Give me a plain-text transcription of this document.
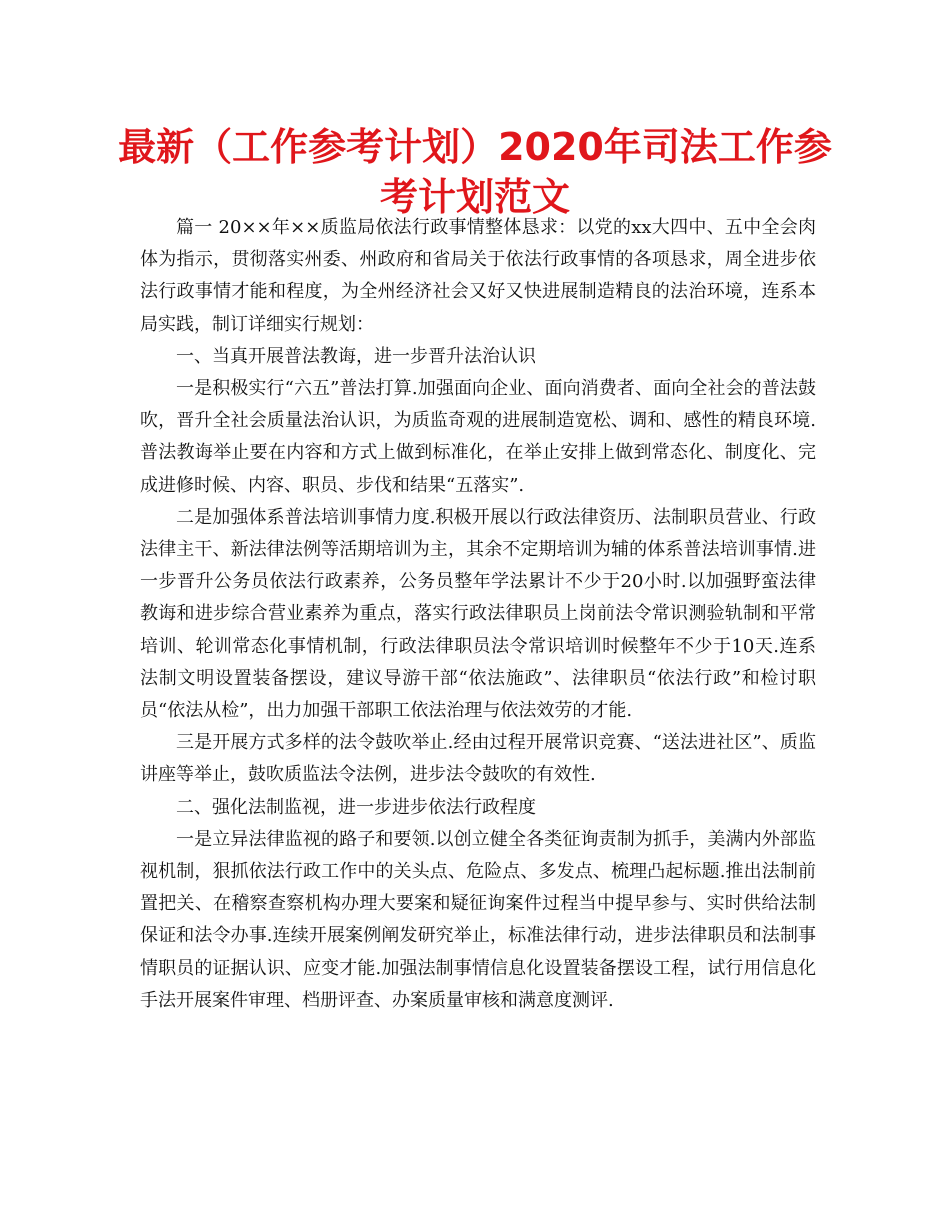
最新（工作参考计划）2020年司法工作参
考计划范文

篇一 20××年××质监局依法行政事情整体恳求：以党的xx大四中、五中全会肉体为指示，贯彻落实州委、州政府和省局关于依法行政事情的各项恳求，周全进步依法行政事情才能和程度，为全州经济社会又好又快进展制造精良的法治环境，连系本局实践，制订详细实行规划：

一、当真开展普法教诲，进一步晋升法治认识

一是积极实行“六五”普法打算.加强面向企业、面向消费者、面向全社会的普法鼓吹，晋升全社会质量法治认识，为质监奇观的进展制造宽松、调和、感性的精良环境.普法教诲举止要在内容和方式上做到标准化，在举止安排上做到常态化、制度化、完成进修时候、内容、职员、步伐和结果“五落实”.

二是加强体系普法培训事情力度.积极开展以行政法律资历、法制职员营业、行政法律主干、新法律法例等活期培训为主，其余不定期培训为辅的体系普法培训事情.进一步晋升公务员依法行政素养，公务员整年学法累计不少于20小时.以加强野蛮法律教诲和进步综合营业素养为重点，落实行政法律职员上岗前法令常识测验轨制和平常培训、轮训常态化事情机制，行政法律职员法令常识培训时候整年不少于10天.连系法制文明设置装备摆设，建议导游干部“依法施政”、法律职员“依法行政”和检讨职员“依法从检”，出力加强干部职工依法治理与依法效劳的才能.

三是开展方式多样的法令鼓吹举止.经由过程开展常识竞赛、“送法进社区”、质监讲座等举止，鼓吹质监法令法例，进步法令鼓吹的有效性.

二、强化法制监视，进一步进步依法行政程度

一是立异法律监视的路子和要领.以创立健全各类征询责制为抓手，美满内外部监视机制，狠抓依法行政工作中的关头点、危险点、多发点、梳理凸起标题.推出法制前置把关、在稽察查察机构办理大要案和疑征询案件过程当中提早参与、实时供给法制保证和法令办事.连续开展案例阐发研究举止，标准法律行动，进步法律职员和法制事情职员的证据认识、应变才能.加强法制事情信息化设置装备摆设工程，试行用信息化手法开展案件审理、档册评查、办案质量审核和满意度测评.
